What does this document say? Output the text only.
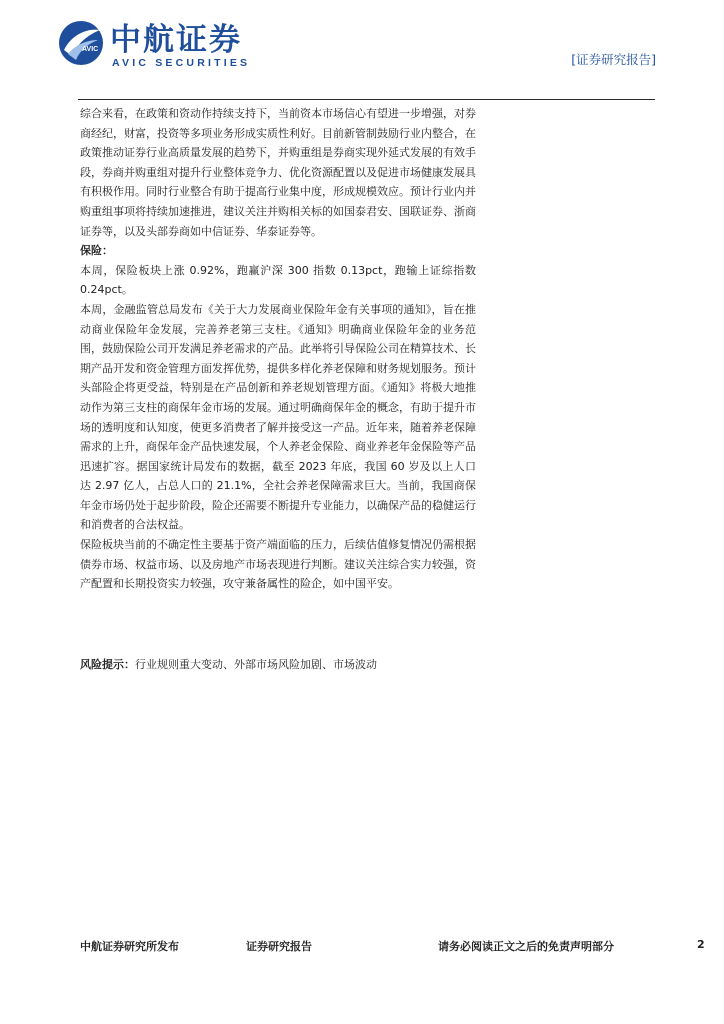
AVIC 中航证券
AVIC SECURITIES	[证券研究报告]

综合来看，在政策和资动作持续支持下，当前资本市场信心有望进一步增强，对券商经纪，财富，投资等多项业务形成实质性利好。目前新管制鼓励行业内整合，在政策推动证券行业高质量发展的趋势下，并购重组是券商实现外延式发展的有效手段，券商并购重组对提升行业整体竞争力、优化资源配置以及促进市场健康发展具有积极作用。同时行业整合有助于提高行业集中度，形成规模效应。预计行业内并购重组事项将持续加速推进，建议关注并购相关标的如国泰君安、国联证券、浙商证券等，以及头部券商如中信证券、华泰证券等。

保险：

本周，保险板块上涨 0.92%，跑赢沪深 300 指数 0.13pct，跑输上证综指数 0.24pct。

本周，金融监管总局发布《关于大力发展商业保险年金有关事项的通知》，旨在推动商业保险年金发展，完善养老第三支柱。《通知》明确商业保险年金的业务范围，鼓励保险公司开发满足养老需求的产品。此举将引导保险公司在精算技术、长期产品开发和资金管理方面发挥优势，提供多样化养老保障和财务规划服务。预计头部险企将更受益，特别是在产品创新和养老规划管理方面。《通知》将极大地推动作为第三支柱的商保年金市场的发展。通过明确商保年金的概念，有助于提升市场的透明度和认知度，使更多消费者了解并接受这一产品。近年来，随着养老保障需求的上升，商保年金产品快速发展，个人养老金保险、商业养老年金保险等产品迅速扩容。据国家统计局发布的数据，截至 2023 年底，我国 60 岁及以上人口达 2.97 亿人，占总人口的 21.1%，全社会养老保障需求巨大。当前，我国商保年金市场仍处于起步阶段，险企还需要不断提升专业能力，以确保产品的稳健运行和消费者的合法权益。

保险板块当前的不确定性主要基于资产端面临的压力，后续估值修复情况仍需根据债券市场、权益市场、以及房地产市场表现进行判断。建议关注综合实力较强，资产配置和长期投资实力较强，攻守兼备属性的险企，如中国平安。

风险提示：行业规则重大变动、外部市场风险加剧、市场波动
中航证券研究所发布	证券研究报告	请务必阅读正文之后的免责声明部分	2
